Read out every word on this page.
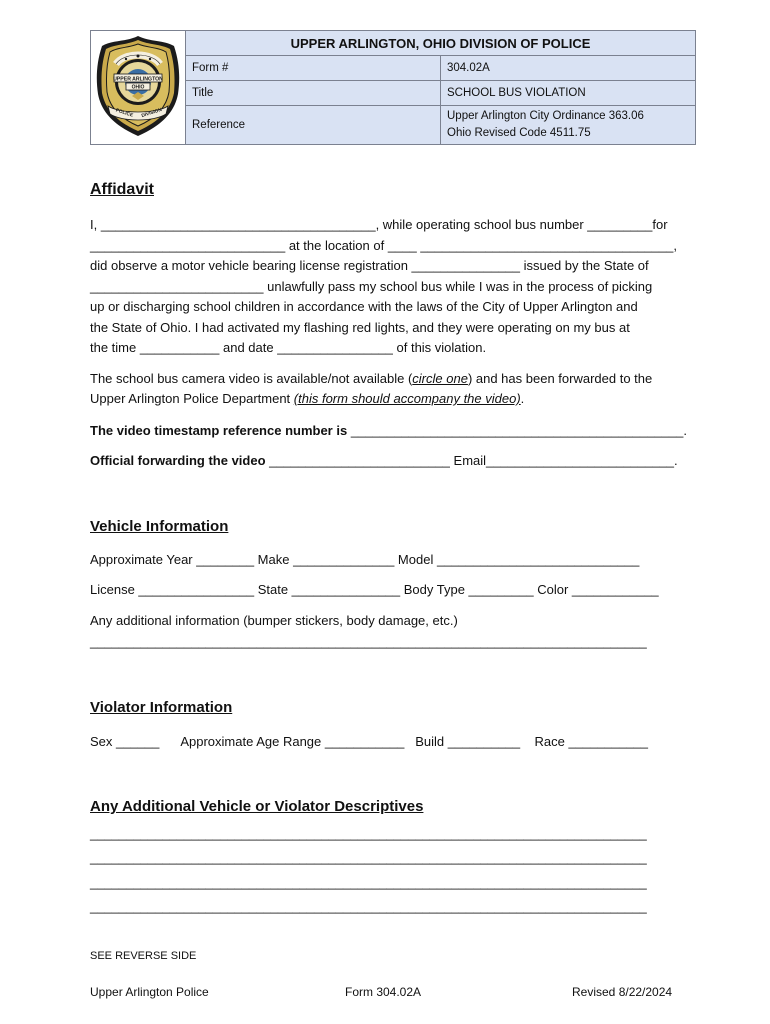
UPPER ARLINGTON
OHIO
POLICE DIVISION	UPPER ARLINGTON, OHIO DIVISION OF POLICE	
	Form #	304.02A
	Title	SCHOOL BUS VIOLATION
	Reference	Upper Arlington City Ordinance 363.06
Ohio Revised Code 4511.75
Affidavit
I, ______________________________________, while operating school bus number _________for
___________________________ at the location of ____ ___________________________________,
did observe a motor vehicle bearing license registration _______________ issued by the State of
________________________ unlawfully pass my school bus while I was in the process of picking
up or discharging school children in accordance with the laws of the City of Upper Arlington and
the State of Ohio. I had activated my flashing red lights, and they were operating on my bus at
the time ___________ and date ________________ of this violation.
The school bus camera video is available/not available (circle one) and has been forwarded to the
Upper Arlington Police Department (this form should accompany the video).
The video timestamp reference number is ______________________________________________.
Official forwarding the video _________________________ Email__________________________.
Vehicle Information
Approximate Year ________ Make ______________ Model ____________________________
License ________________ State _______________ Body Type _________ Color ____________
Any additional information (bumper stickers, body damage, etc.)
_____________________________________________________________________________
Violator Information
Sex ______      Approximate Age Range ___________   Build __________    Race ___________
Any Additional Vehicle or Violator Descriptives
_____________________________________________________________________________
_____________________________________________________________________________
_____________________________________________________________________________
_____________________________________________________________________________
SEE REVERSE SIDE
Upper Arlington Police	Form 304.02A	Revised 8/22/2024
